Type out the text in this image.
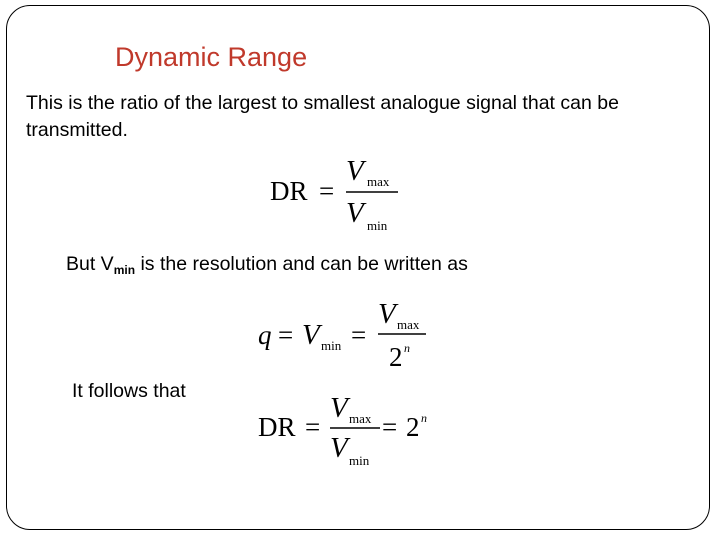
Dynamic Range
This is the ratio of the largest to smallest analogue signal that can be transmitted.
DR =
V max
V min
But $V_{min}$ is the resolution and can be written as
q = V min =
V max
2 n
It follows that
DR =
V max
V min
= 2 n
